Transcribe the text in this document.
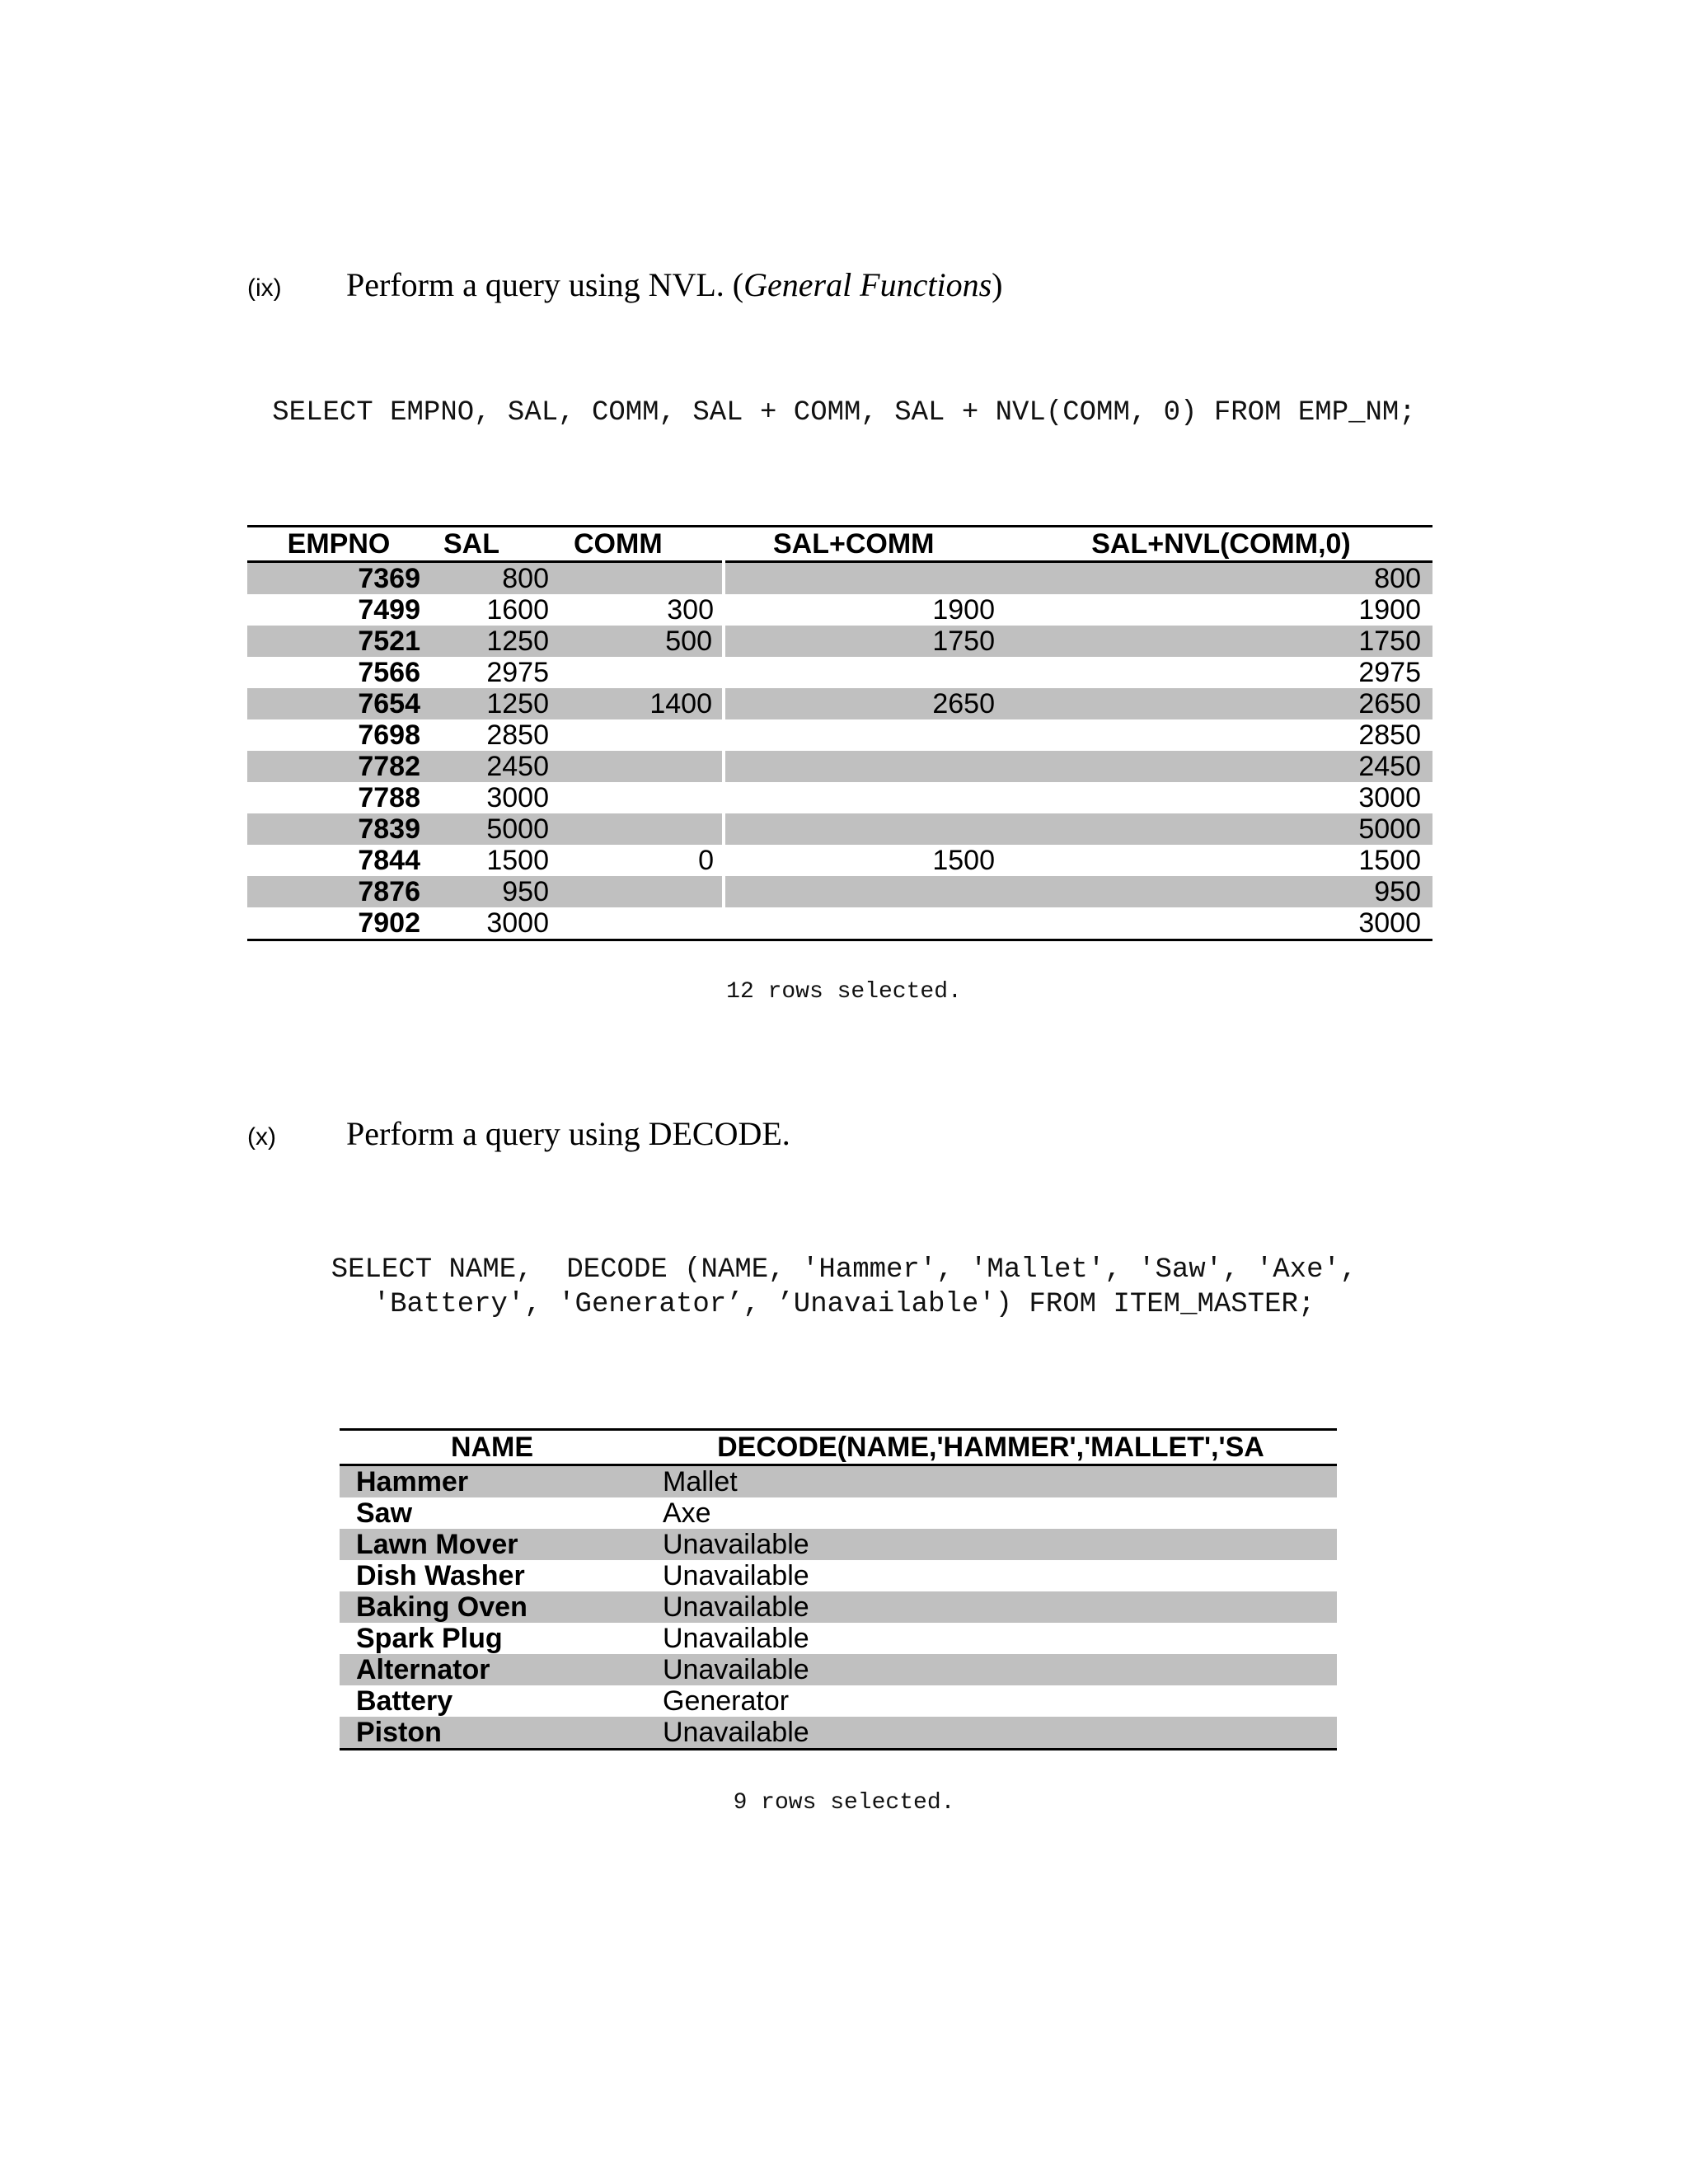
(ix)	Perform a query using NVL. (General Functions)
SELECT EMPNO, SAL, COMM, SAL + COMM, SAL + NVL(COMM, 0) FROM EMP_NM;
EMPNO	SAL	COMM	SAL+COMM	SAL+NVL(COMM,0)
7369	800			800
7499	1600	300	1900	1900
7521	1250	500	1750	1750
7566	2975			2975
7654	1250	1400	2650	2650
7698	2850			2850
7782	2450			2450
7788	3000			3000
7839	5000			5000
7844	1500	0	1500	1500
7876	950			950
7902	3000			3000
12 rows selected.
(x)	Perform a query using DECODE.
SELECT NAME,  DECODE (NAME, 'Hammer', 'Mallet', 'Saw', 'Axe',
'Battery', 'Generator’, ’Unavailable') FROM ITEM_MASTER;
NAME	DECODE(NAME,'HAMMER','MALLET','SA
Hammer	Mallet
Saw	Axe
Lawn Mover	Unavailable
Dish Washer	Unavailable
Baking Oven	Unavailable
Spark Plug	Unavailable
Alternator	Unavailable
Battery	Generator
Piston	Unavailable
9 rows selected.
